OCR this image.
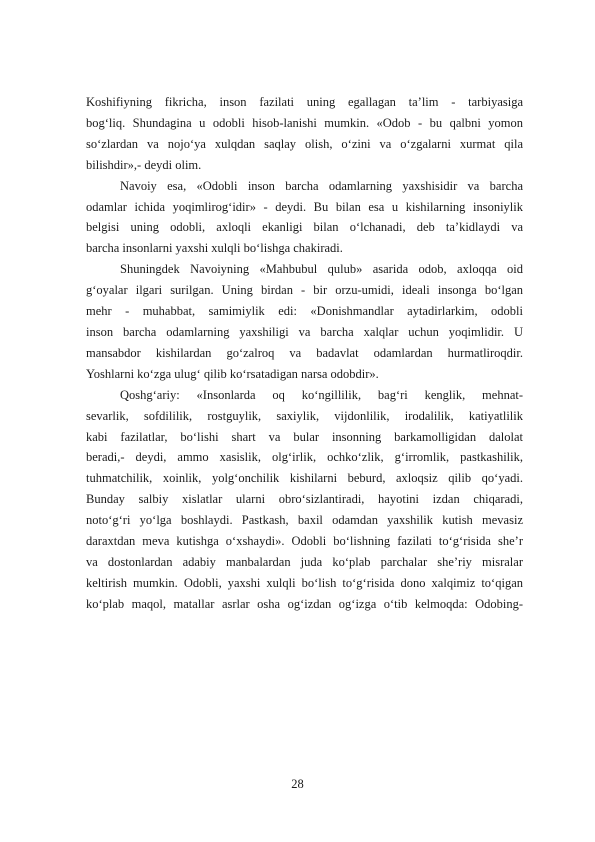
Koshifiyning fikricha, inson fazilati uning egallagan ta’lim - tarbiyasiga
bog‘liq. Shundagina u odobli hisob-lanishi mumkin. «Odob - bu qalbni yomon
so‘zlardan va nojo‘ya xulqdan saqlay olish, o‘zini va o‘zgalarni xurmat qila
bilishdir»,- deydi olim.

Navoiy esa, «Odobli inson barcha odamlarning yaxshisidir va barcha
odamlar ichida yoqimlirog‘idir» - deydi. Bu bilan esa u kishilarning insoniylik
belgisi uning odobli, axloqli ekanligi bilan o‘lchanadi, deb ta’kidlaydi va
barcha insonlarni yaxshi xulqli bo‘lishga chakiradi.

Shuningdek Navoiyning «Mahbubul qulub» asarida odob, axloqqa oid
g‘oyalar ilgari surilgan. Uning birdan - bir orzu-umidi, ideali insonga bo‘lgan
mehr - muhabbat, samimiylik edi: «Donishmandlar aytadirlarkim, odobli
inson barcha odamlarning yaxshiligi va barcha xalqlar uchun yoqimlidir. U
mansabdor kishilardan go‘zalroq va badavlat odamlardan hurmatliroqdir.
Yoshlarni ko‘zga ulug‘ qilib ko‘rsatadigan narsa odobdir».

Qoshg‘ariy: «Insonlarda oq ko‘ngillilik, bag‘ri kenglik, mehnat-
sevarlik, sofdililik, rostguylik, saxiylik, vijdonlilik, irodalilik, katiyatlilik
kabi fazilatlar, bo‘lishi shart va bular insonning barkamolligidan dalolat
beradi,- deydi, ammo xasislik, olg‘irlik, ochko‘zlik, g‘irromlik, pastkashilik,
tuhmatchilik, xoinlik, yolg‘onchilik kishilarni beburd, axloqsiz qilib qo‘yadi.
Bunday salbiy xislatlar ularni obro‘sizlantiradi, hayotini izdan chiqaradi,
noto‘g‘ri yo‘lga boshlaydi. Pastkash, baxil odamdan yaxshilik kutish mevasiz
daraxtdan meva kutishga o‘xshaydi». Odobli bo‘lishning fazilati to‘g‘risida she’r
va dostonlardan adabiy manbalardan juda ko‘plab parchalar she’riy misralar
keltirish mumkin. Odobli, yaxshi xulqli bo‘lish to‘g‘risida dono xalqimiz to‘qigan
ko‘plab maqol, matallar asrlar osha og‘izdan og‘izga o‘tib kelmoqda: Odobing-

28
